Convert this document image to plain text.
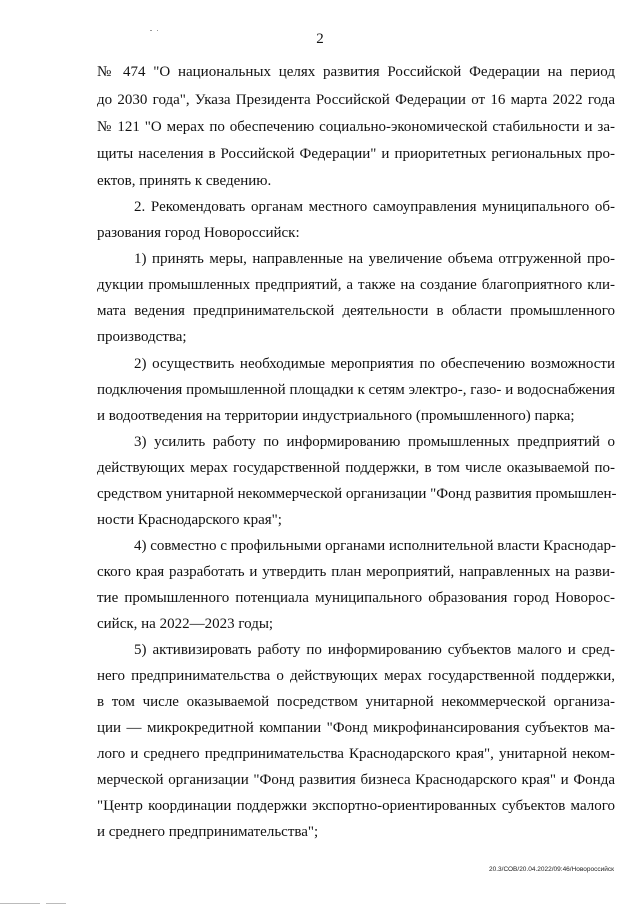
2
№ 474 "О национальных целях развития Российской Федерации на период
до 2030 года", Указа Президента Российской Федерации от 16 марта 2022 года
№ 121 "О мерах по обеспечению социально-экономической стабильности и за-
щиты населения в Российской Федерации" и приоритетных региональных про-
ектов, принять к сведению.
2. Рекомендовать органам местного самоуправления муниципального об-
разования город Новороссийск:
1) принять меры, направленные на увеличение объема отгруженной про-
дукции промышленных предприятий, а также на создание благоприятного кли-
мата ведения предпринимательской деятельности в области промышленного
производства;
2) осуществить необходимые мероприятия по обеспечению возможности
подключения промышленной площадки к сетям электро-, газо- и водоснабжения
и водоотведения на территории индустриального (промышленного) парка;
3) усилить работу по информированию промышленных предприятий о
действующих мерах государственной поддержки, в том числе оказываемой по-
средством унитарной некоммерческой организации "Фонд развития промышлен-
ности Краснодарского края";
4) совместно с профильными органами исполнительной власти Краснодар-
ского края разработать и утвердить план мероприятий, направленных на разви-
тие промышленного потенциала муниципального образования город Новорос-
сийск, на 2022—2023 годы;
5) активизировать работу по информированию субъектов малого и сред-
него предпринимательства о действующих мерах государственной поддержки,
в том числе оказываемой посредством унитарной некоммерческой организа-
ции — микрокредитной компании "Фонд микрофинансирования субъектов ма-
лого и среднего предпринимательства Краснодарского края", унитарной неком-
мерческой организации "Фонд развития бизнеса Краснодарского края" и Фонда
"Центр координации поддержки экспортно-ориентированных субъектов малого
и среднего предпринимательства";
20.3/СОВ/20.04.2022/09:46/Новороссийск
